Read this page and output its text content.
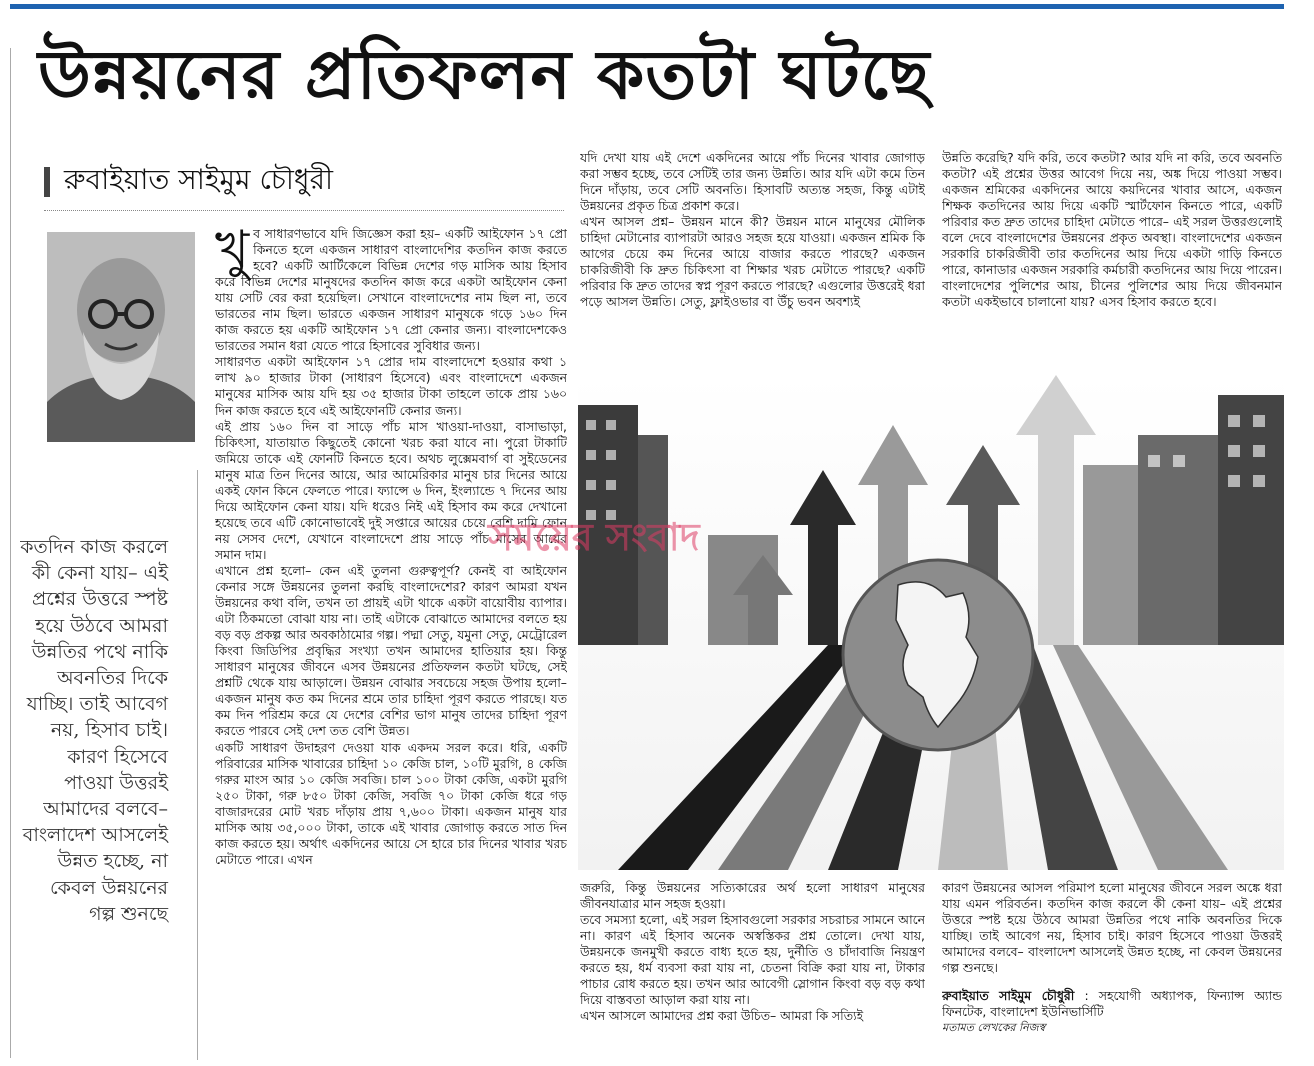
উন্নয়নের প্রতিফলন কতটা ঘটছে
রুবাইয়াত সাইমুম চৌধুরী
কতদিন কাজ করলে কী কেনা যায়– এই প্রশ্নের উত্তরে স্পষ্ট হয়ে উঠবে আমরা উন্নতির পথে নাকি অবনতির দিকে যাচ্ছি। তাই আবেগ নয়, হিসাব চাই। কারণ হিসেবে পাওয়া উত্তরই আমাদের বলবে– বাংলাদেশ আসলেই উন্নত হচ্ছে, না কেবল উন্নয়নের গল্প শুনছে
খু ব সাধারণভাবে যদি জিজ্ঞেস করা হয়– একটি আইফোন ১৭ প্রো কিনতে হলে একজন সাধারণ বাংলাদেশির কতদিন কাজ করতে হবে? একটি আর্টিকেলে বিভিন্ন দেশের গড় মাসিক আয় হিসাব করে বিভিন্ন দেশের মানুষদের কতদিন কাজ করে একটা আইফোন কেনা যায় সেটি বের করা হয়েছিল। সেখানে বাংলাদেশের নাম ছিল না, তবে ভারতের নাম ছিল। ভারতে একজন সাধারণ মানুষকে গড়ে ১৬০ দিন কাজ করতে হয় একটি আইফোন ১৭ প্রো কেনার জন্য। বাংলাদেশকেও ভারতের সমান ধরা যেতে পারে হিসাবের সুবিধার জন্য।

সাধারণত একটা আইফোন ১৭ প্রোর দাম বাংলাদেশে হওয়ার কথা ১ লাখ ৯০ হাজার টাকা (সাধারণ হিসেবে) এবং বাংলাদেশে একজন মানুষের মাসিক আয় যদি হয় ৩৫ হাজার টাকা তাহলে তাকে প্রায় ১৬০ দিন কাজ করতে হবে এই আইফোনটি কেনার জন্য।

এই প্রায় ১৬০ দিন বা সাড়ে পাঁচ মাস খাওয়া-দাওয়া, বাসাভাড়া, চিকিৎসা, যাতায়াত কিছুতেই কোনো খরচ করা যাবে না। পুরো টাকাটি জমিয়ে তাকে এই ফোনটি কিনতে হবে। অথচ লুক্সেমবার্গ বা সুইডেনের মানুষ মাত্র তিন দিনের আয়ে, আর আমেরিকার মানুষ চার দিনের আয়ে একই ফোন কিনে ফেলতে পারে। ফ্যান্সে ৬ দিন, ইংল্যান্ডে ৭ দিনের আয় দিয়ে আইফোন কেনা যায়। যদি ধরেও নিই এই হিসাব কম করে দেখানো হয়েছে তবে এটি কোনোভাবেই দুই সপ্তারে আয়ের চেয়ে বেশি দামি ফোন নয় সেসব দেশে, যেখানে বাংলাদেশে প্রায় সাড়ে পাঁচ মাসের আয়ের সমান দাম।

এখানে প্রশ্ন হলো– কেন এই তুলনা গুরুত্বপূর্ণ? কেনই বা আইফোন কেনার সঙ্গে উন্নয়নের তুলনা করছি বাংলাদেশের? কারণ আমরা যখন উন্নয়নের কথা বলি, তখন তা প্রায়ই এটা থাকে একটা বায়োবীয় ব্যাপার। এটা ঠিকমতো বোঝা যায় না। তাই এটাকে বোঝাতে আমাদের বলতে হয় বড় বড় প্রকল্প আর অবকাঠামোর গল্প। পদ্মা সেতু, যমুনা সেতু, মেট্রোরেল কিংবা জিডিপির প্রবৃদ্ধির সংখ্যা তখন আমাদের হাতিয়ার হয়। কিন্তু সাধারণ মানুষের জীবনে এসব উন্নয়নের প্রতিফলন কতটা ঘটছে, সেই প্রশ্নটি থেকে যায় আড়ালে। উন্নয়ন বোঝার সবচেয়ে সহজ উপায় হলো– একজন মানুষ কত কম দিনের শ্রমে তার চাহিদা পূরণ করতে পারছে। যত কম দিন পরিশ্রম করে যে দেশের বেশির ভাগ মানুষ তাদের চাহিদা পূরণ করতে পারবে সেই দেশ তত বেশি উন্নত।

একটি সাধারণ উদাহরণ দেওয়া যাক একদম সরল করে। ধরি, একটি পরিবারের মাসিক খাবারের চাহিদা ১০ কেজি চাল, ১০টি মুরগি, ৪ কেজি গরুর মাংস আর ১০ কেজি সবজি। চাল ১০০ টাকা কেজি, একটা মুরগি ২৫০ টাকা, গরু ৮৫০ টাকা কেজি, সবজি ৭০ টাকা কেজি ধরে গড় বাজারদরের মোট খরচ দাঁড়ায় প্রায় ৭,৬০০ টাকা। একজন মানুষ যার মাসিক আয় ৩৫,০০০ টাকা, তাকে এই খাবার জোগাড় করতে সাত দিন কাজ করতে হয়। অর্থাৎ একদিনের আয়ে সে হারে চার দিনের খাবার খরচ মেটাতে পারে। এখন

যদি দেখা যায় এই দেশে একদিনের আয়ে পাঁচ দিনের খাবার জোগাড় করা সম্ভব হচ্ছে, তবে সেটিই তার জন্য উন্নতি। আর যদি এটা কমে তিন দিনে দাঁড়ায়, তবে সেটি অবনতি। হিসাবটি অত্যন্ত সহজ, কিন্তু এটাই উন্নয়নের প্রকৃত চিত্র প্রকাশ করে।

এখন আসল প্রশ্ন– উন্নয়ন মানে কী? উন্নয়ন মানে মানুষের মৌলিক চাহিদা মেটানোর ব্যাপারটা আরও সহজ হয়ে যাওয়া। একজন শ্রমিক কি আগের চেয়ে কম দিনের আয়ে বাজার করতে পারছে? একজন চাকরিজীবী কি দ্রুত চিকিৎসা বা শিক্ষার খরচ মেটাতে পারছে? একটি পরিবার কি দ্রুত তাদের স্বপ্ন পূরণ করতে পারছে? এগুলোর উত্তরেই ধরা পড়ে আসল উন্নতি। সেতু, ফ্লাইওভার বা উঁচু ভবন অবশ্যই

উন্নতি করেছি? যদি করি, তবে কতটা? আর যদি না করি, তবে অবনতি কতটা? এই প্রশ্নের উত্তর আবেগ দিয়ে নয়, অঙ্ক দিয়ে পাওয়া সম্ভব। একজন শ্রমিকের একদিনের আয়ে কয়দিনের খাবার আসে, একজন শিক্ষক কতদিনের আয় দিয়ে একটি স্মার্টফোন কিনতে পারে, একটি পরিবার কত দ্রুত তাদের চাহিদা মেটাতে পারে– এই সরল উত্তরগুলোই বলে দেবে বাংলাদেশের উন্নয়নের প্রকৃত অবস্থা। বাংলাদেশের একজন সরকারি চাকরিজীবী তার কতদিনের আয় দিয়ে একটা গাড়ি কিনতে পারে, কানাডার একজন সরকারি কর্মচারী কতদিনের আয় দিয়ে পারেন। বাংলাদেশের পুলিশের আয়, চীনের পুলিশের আয় দিয়ে জীবনমান কতটা একইভাবে চালানো যায়? এসব হিসাব করতে হবে।

সময়ের সংবাদ

জরুরি, কিন্তু উন্নয়নের সত্যিকারের অর্থ হলো সাধারণ মানুষের জীবনযাত্রার মান সহজ হওয়া।

তবে সমস্যা হলো, এই সরল হিসাবগুলো সরকার সচরাচর সামনে আনে না। কারণ এই হিসাব অনেক অস্বস্তিকর প্রশ্ন তোলে। দেখা যায়, উন্নয়নকে জনমুখী করতে বাধ্য হতে হয়, দুর্নীতি ও চাঁদাবাজি নিয়ন্ত্রণ করতে হয়, ধর্ম ব্যবসা করা যায় না, চেতনা বিক্রি করা যায় না, টাকার পাচার রোধ করতে হয়। তখন আর আবেগী স্লোগান কিংবা বড় বড় কথা দিয়ে বাস্তবতা আড়াল করা যায় না।

এখন আসলে আমাদের প্রশ্ন করা উচিত– আমরা কি সত্যিই

কারণ উন্নয়নের আসল পরিমাপ হলো মানুষের জীবনে সরল অঙ্কে ধরা যায় এমন পরিবর্তন। কতদিন কাজ করলে কী কেনা যায়– এই প্রশ্নের উত্তরে স্পষ্ট হয়ে উঠবে আমরা উন্নতির পথে নাকি অবনতির দিকে যাচ্ছি। তাই আবেগ নয়, হিসাব চাই। কারণ হিসেবে পাওয়া উত্তরই আমাদের বলবে– বাংলাদেশ আসলেই উন্নত হচ্ছে, না কেবল উন্নয়নের গল্প শুনছে।

রুবাইয়াত সাইমুম চৌধুরী : সহযোগী অধ্যাপক, ফিন্যান্স অ্যান্ড ফিনটেক, বাংলাদেশ ইউনিভার্সিটি

মতামত লেখকের নিজস্ব
